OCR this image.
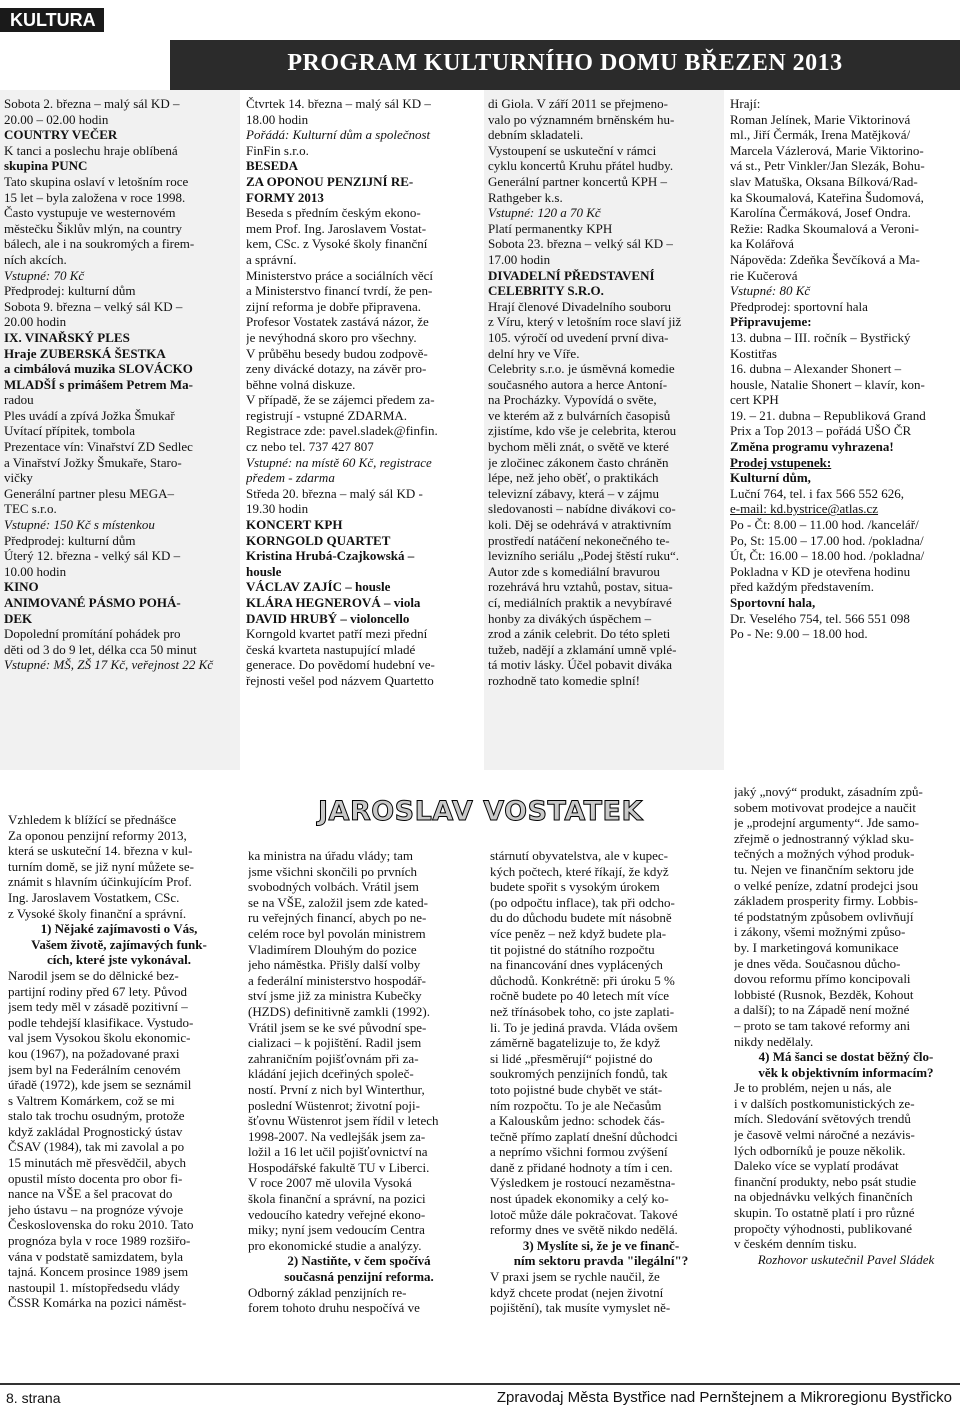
KULTURA
PROGRAM KULTURNÍHO DOMU BŘEZEN 2013
Sobota 2. března – malý sál KD –
20.00 – 02.00 hodin
COUNTRY VEČER
K tanci a poslechu hraje oblíbená
skupina PUNC
Tato skupina oslaví v letošním roce
15 let – byla založena v roce 1998.
Často vystupuje ve westernovém
městečku Šiklův mlýn, na country
bálech, ale i na soukromých a firem-
ních akcích.
Vstupné: 70 Kč
Předprodej: kulturní dům
Sobota 9. března – velký sál KD –
20.00 hodin
IX. VINAŘSKÝ PLES
Hraje ZUBERSKÁ ŠESTKA
a cimbálová muzika SLOVÁCKO
MLADŠÍ s primášem Petrem Ma-
radou
Ples uvádí a zpívá Jožka Šmukař
Uvítací přípitek, tombola
Prezentace vín: Vinařství ZD Sedlec
a Vinařství Jožky Šmukaře, Staro-
vičky
Generální partner plesu MEGA–
TEC s.r.o.
Vstupné: 150 Kč s místenkou
Předprodej: kulturní dům
Úterý 12. března - velký sál KD –
10.00 hodin
KINO
ANIMOVANÉ PÁSMO POHÁ-
DEK
Dopolední promítání pohádek pro
děti od 3 do 9 let, délka cca 50 minut
Vstupné: MŠ, ZŠ 17 Kč, veřejnost 22 Kč
Čtvrtek 14. března – malý sál KD –
18.00 hodin
Pořádá: Kulturní dům a společnost
FinFin s.r.o.
BESEDA
ZA OPONOU PENZIJNÍ RE-
FORMY 2013
Beseda s předním českým ekono-
mem Prof. Ing. Jaroslavem Vostat-
kem, CSc. z Vysoké školy finanční
a správní.
Ministerstvo práce a sociálních věcí
a Ministerstvo financí tvrdí, že pen-
zijní reforma je dobře připravena.
Profesor Vostatek zastává názor, že
je nevýhodná skoro pro všechny.
V průběhu besedy budou zodpově-
zeny divácké dotazy, na závěr pro-
běhne volná diskuze.
V případě, že se zájemci předem za-
registrují - vstupné ZDARMA.
Registrace zde: pavel.sladek@finfin.
cz nebo tel. 737 427 807
Vstupné: na místě 60 Kč, registrace
předem - zdarma
Středa 20. března – malý sál KD -
19.30 hodin
KONCERT KPH
KORNGOLD QUARTET
Kristina Hrubá-Czajkowská –
housle
VÁCLAV ZAJÍC – housle
KLÁRA HEGNEROVÁ – viola
DAVID HRUBÝ – violoncello
Korngold kvartet patří mezi přední
česká kvarteta nastupující mladé
generace. Do povědomí hudební ve-
řejnosti vešel pod názvem Quartetto
di Giola. V září 2011 se přejmeno-
valo po významném brněnském hu-
debním skladateli.
Vystoupení se uskuteční v rámci
cyklu koncertů Kruhu přátel hudby.
Generální partner koncertů KPH –
Rathgeber k.s.
Vstupné: 120 a 70 Kč
Platí permanentky KPH
Sobota 23. března – velký sál KD –
17.00 hodin
DIVADELNÍ PŘEDSTAVENÍ
CELEBRITY S.R.O.
Hrají členové Divadelního souboru
z Víru, který v letošním roce slaví již
105. výročí od uvedení první diva-
delní hry ve Víře.
Celebrity s.r.o. je úsměvná komedie
současného autora a herce Antoní-
na Procházky. Vypovídá o světe,
ve kterém až z bulvárních časopisů
zjistíme, kdo vše je celebrita, kterou
bychom měli znát, o světě ve které
je zločinec zákonem často chráněn
lépe, než jeho oběť, o praktikách
televizní zábavy, která – v zájmu
sledovanosti – nabídne divákovi co-
koli. Děj se odehrává v atraktivním
prostředí natáčení nekonečného te-
levizního seriálu „Podej štěstí ruku“.
Autor zde s komediální bravurou
rozehrává hru vztahů, postav, situa-
cí, mediálních praktik a nevybíravé
honby za divákých úspěchem –
zrod a zánik celebrit. Do této spleti
tužeb, nadějí a zklamání umně vplé-
tá motiv lásky. Účel pobavit diváka
rozhodně tato komedie splní!
Hrají:
Roman Jelínek, Marie Viktorinová
ml., Jiří Čermák, Irena Matějková/
Marcela Vázlerová, Marie Viktorino-
vá st., Petr Vinkler/Jan Slezák, Bohu-
slav Matuška, Oksana Bílková/Rad-
ka Skoumalová, Kateřina Šudomová,
Karolína Čermáková, Josef Ondra.
Režie: Radka Skoumalová a Veroni-
ka Kolářová
Nápověda: Zdeňka Ševčíková a Ma-
rie Kučerová
Vstupné: 80 Kč
Předprodej: sportovní hala
Připravujeme:
13. dubna – III. ročník – Bystřický
Kostitřas
16. dubna – Alexander Shonert –
housle, Natalie Shonert – klavír, kon-
cert KPH
19. – 21. dubna – Republiková Grand
Prix a Top 2013 – pořádá UŠO ČR
Změna programu vyhrazena!
Prodej vstupenek:
Kulturní dům,
Luční 764, tel. i fax 566 552 626,
e-mail: kd.bystrice@atlas.cz
Po - Čt: 8.00 – 11.00 hod. /kancelář/
Po, St: 15.00 – 17.00 hod. /pokladna/
Út, Čt: 16.00 – 18.00 hod. /pokladna/
Pokladna v KD je otevřena hodinu
před každým představením.
Sportovní hala,
Dr. Veselého 754, tel. 566 551 098
Po - Ne: 9.00 – 18.00 hod.
JAROSLAV VOSTATEK
Vzhledem k blížící se přednášce
Za oponou penzijní reformy 2013,
která se uskuteční 14. března v kul-
turním domě, se již nyní můžete se-
známit s hlavním účinkujícím Prof.
Ing. Jaroslavem Vostatkem, CSc.
z Vysoké školy finanční a správní.
1) Nějaké zajímavosti o Vás,
Vašem životě, zajímavých funk-
cích, které jste vykonával.
Narodil jsem se do dělnické bez-
partijní rodiny před 67 lety. Původ
jsem tedy měl v zásadě pozitivní –
podle tehdejší klasifikace. Vystudo-
val jsem Vysokou školu ekonomic-
kou (1967), na požadované praxi
jsem byl na Federálním cenovém
úřadě (1972), kde jsem se seznámil
s Valtrem Komárkem, což se mi
stalo tak trochu osudným, protože
když zakládal Prognostický ústav
ČSAV (1984), tak mi zavolal a po
15 minutách mě přesvědčil, abych
opustil místo docenta pro obor fi-
nance na VŠE a šel pracovat do
jeho ústavu – na prognóze vývoje
Československa do roku 2010. Tato
prognóza byla v roce 1989 rozšiřo-
vána v podstatě samizdatem, byla
tajná. Koncem prosince 1989 jsem
nastoupil 1. místopředsedu vlády
ČSSR Komárka na pozici náměst-
ka ministra na úřadu vlády; tam
jsme všichni skončili po prvních
svobodných volbách. Vrátil jsem
se na VŠE, založil jsem zde kated-
ru veřejných financí, abych po ne-
celém roce byl povolán ministrem
Vladimírem Dlouhým do pozice
jeho náměstka. Přišly další volby
a federální ministerstvo hospodář-
ství jsme již za ministra Kubečky
(HZDS) definitivně zamkli (1992).
Vrátil jsem se ke své původní spe-
cializaci – k pojištění. Radil jsem
zahraničním pojišťovnám při za-
kládání jejich dceřiných společ-
ností. První z nich byl Winterthur,
poslední Wüstenrot; životní poji-
šťovnu Wüstenrot jsem řídil v letech
1998-2007. Na vedlejšák jsem za-
ložil a 16 let učil pojišťovnictví na
Hospodářské fakultě TU v Liberci.
V roce 2007 mě ulovila Vysoká
škola finanční a správní, na pozici
vedoucího katedry veřejné ekono-
miky; nyní jsem vedoucím Centra
pro ekonomické studie a analýzy.
2) Nastiňte, v čem spočívá
současná penzijní reforma.
Odborný základ penzijních re-
forem tohoto druhu nespočívá ve
stárnutí obyvatelstva, ale v kupec-
kých počtech, které říkají, že když
budete spořit s vysokým úrokem
(po odpočtu inflace), tak při odcho-
du do důchodu budete mít násobně
více peněz – než když budete pla-
tit pojistné do státního rozpočtu
na financování dnes vyplácených
důchodů. Konkrétně: při úroku 5 %
ročně budete po 40 letech mít více
než třínásobek toho, co jste zaplati-
li. To je jediná pravda. Vláda ovšem
záměrně bagatelizuje to, že když
si lidé „přesměrují“ pojistné do
soukromých penzijních fondů, tak
toto pojistné bude chybět ve stát-
ním rozpočtu. To je ale Nečasům
a Kalouskům jedno: schodek čás-
tečně přímo zaplatí dnešní důchodci
a neprímo všichni formou zvýšení
daně z přidané hodnoty a tím i cen.
Výsledkem je rostoucí nezaměstna-
nost úpadek ekonomiky a celý ko-
lotoč může dále pokračovat. Takové
reformy dnes ve světě nikdo nedělá.
3) Myslíte si, že je ve finanč-
ním sektoru pravda "ilegální"?
V praxi jsem se rychle naučil, že
když chcete prodat (nejen životní
pojištění), tak musíte vymyslet ně-
jaký „nový“ produkt, zásadním způ-
sobem motivovat prodejce a naučit
je „prodejní argumenty“. Jde samo-
zřejmě o jednostranný výklad sku-
tečných a možných výhod produk-
tu. Nejen ve finančním sektoru jde
o velké peníze, zdatní prodejci jsou
základem prosperity firmy. Lobbis-
té podstatným způsobem ovlivňují
i zákony, všemi možnými způso-
by. I marketingová komunikace
je dnes věda. Současnou důcho-
dovou reformu přímo koncipovali
lobbisté (Rusnok, Bezděk, Kohout
a další); to na Západě není možné
– proto se tam takové reformy ani
nikdy nedělaly.
4) Má šanci se dostat běžný člo-
věk k objektivním informacím?
Je to problém, nejen u nás, ale
i v dalších postkomunistických ze-
mích. Sledování světových trendů
je časově velmi náročné a nezávis-
lých odborníků je pouze několik.
Daleko více se vyplatí prodávat
finanční produkty, nebo psát studie
na objednávku velkých finančních
skupin. To ostatně platí i pro různé
propočty výhodnosti, publikované
v českém denním tisku.
Rozhovor uskutečnil Pavel Sládek
8. strana	Zpravodaj Města Bystřice nad Pernštejnem a Mikroregionu Bystřicko
